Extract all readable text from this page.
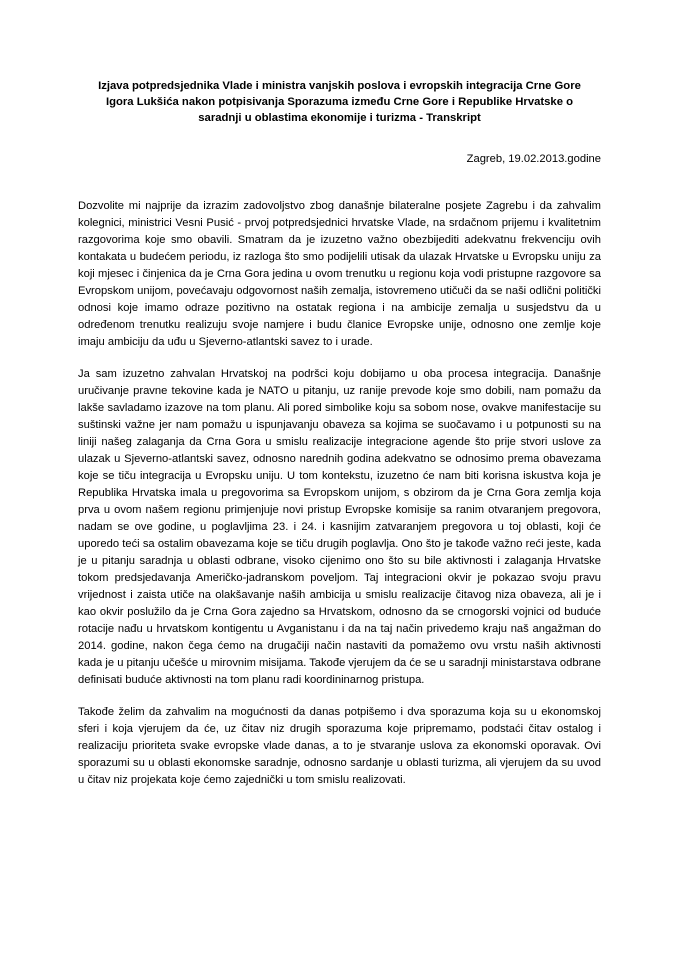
Izjava potpredsjednika Vlade i ministra vanjskih poslova i evropskih integracija Crne Gore Igora Lukšića nakon potpisivanja Sporazuma između Crne Gore i Republike Hrvatske o saradnji u oblastima ekonomije i turizma - Transkript
Zagreb, 19.02.2013.godine

Dozvolite mi najprije da izrazim zadovoljstvo zbog današnje bilateralne posjete Zagrebu i da zahvalim kolegnici, ministrici Vesni Pusić - prvoj potpredsjednici hrvatske Vlade, na srdačnom prijemu i kvalitetnim razgovorima koje smo obavili. Smatram da je izuzetno važno obezbijediti adekvatnu frekvenciju ovih kontakata u budećem periodu, iz razloga što smo podijelili utisak da ulazak Hrvatske u Evropsku uniju za koji mjesec i činjenica da je Crna Gora jedina u ovom trenutku u regionu koja vodi pristupne razgovore sa Evropskom unijom, povećavaju odgovornost naših zemalja, istovremeno utičuči da se naši odlični politički odnosi koje imamo odraze pozitivno na ostatak regiona i na ambicije zemalja u susjedstvu da u određenom trenutku realizuju svoje namjere i budu članice Evropske unije, odnosno one zemlje koje imaju ambiciju da uđu u Sjeverno-atlantski savez to i urade.

Ja sam izuzetno zahvalan Hrvatskoj na podršci koju dobijamo u oba procesa integracija. Današnje uručivanje pravne tekovine kada je NATO u pitanju, uz ranije prevode koje smo dobili, nam pomažu da lakše savladamo izazove na tom planu. Ali pored simbolike koju sa sobom nose, ovakve manifestacije su suštinski važne jer nam pomažu u ispunjavanju obaveza sa kojima se suočavamo i u potpunosti su na liniji našeg zalaganja da Crna Gora u smislu realizacije integracione agende što prije stvori uslove za ulazak u Sjeverno-atlantski savez, odnosno narednih godina adekvatno se odnosimo prema obavezama koje se tiču integracija u Evropsku uniju. U tom kontekstu, izuzetno će nam biti korisna iskustva koja je Republika Hrvatska imala u pregovorima sa Evropskom unijom, s obzirom da je Crna Gora zemlja koja prva u ovom našem regionu primjenjuje novi pristup Evropske komisije sa ranim otvaranjem pregovora, nadam se ove godine, u poglavljima 23. i 24. i kasnijim zatvaranjem pregovora u toj oblasti, koji će uporedo teći sa ostalim obavezama koje se tiču drugih poglavlja. Ono što je takođe važno reći jeste, kada je u pitanju saradnja u oblasti odbrane, visoko cijenimo ono što su bile aktivnosti i zalaganja Hrvatske tokom predsjedavanja Američko-jadranskom poveljom. Taj integracioni okvir je pokazao svoju pravu vrijednost i zaista utiče na olakšavanje naših ambicija u smislu realizacije čitavog niza obaveza, ali je i kao okvir poslužilo da je Crna Gora zajedno sa Hrvatskom, odnosno da se crnogorski vojnici od buduće rotacije nađu u hrvatskom kontigentu u Avganistanu i da na taj način privedemo kraju naš angažman do 2014. godine, nakon čega ćemo na drugačiji način nastaviti da pomažemo ovu vrstu naših aktivnosti kada je u pitanju učešće u mirovnim misijama. Takođe vjerujem da će se u saradnji ministarstava odbrane definisati buduće aktivnosti na tom planu radi koordininarnog pristupa.

Takođe želim da zahvalim na mogućnosti da danas potpišemo i dva sporazuma koja su u ekonomskoj sferi i koja vjerujem da će, uz čitav niz drugih sporazuma koje pripremamo, podstaći čitav ostalog i realizaciju prioriteta svake evropske vlade danas, a to je stvaranje uslova za ekonomski oporavak. Ovi sporazumi su u oblasti ekonomske saradnje, odnosno sardanje u oblasti turizma, ali vjerujem da su uvod u čitav niz projekata koje ćemo zajednički u tom smislu realizovati.
